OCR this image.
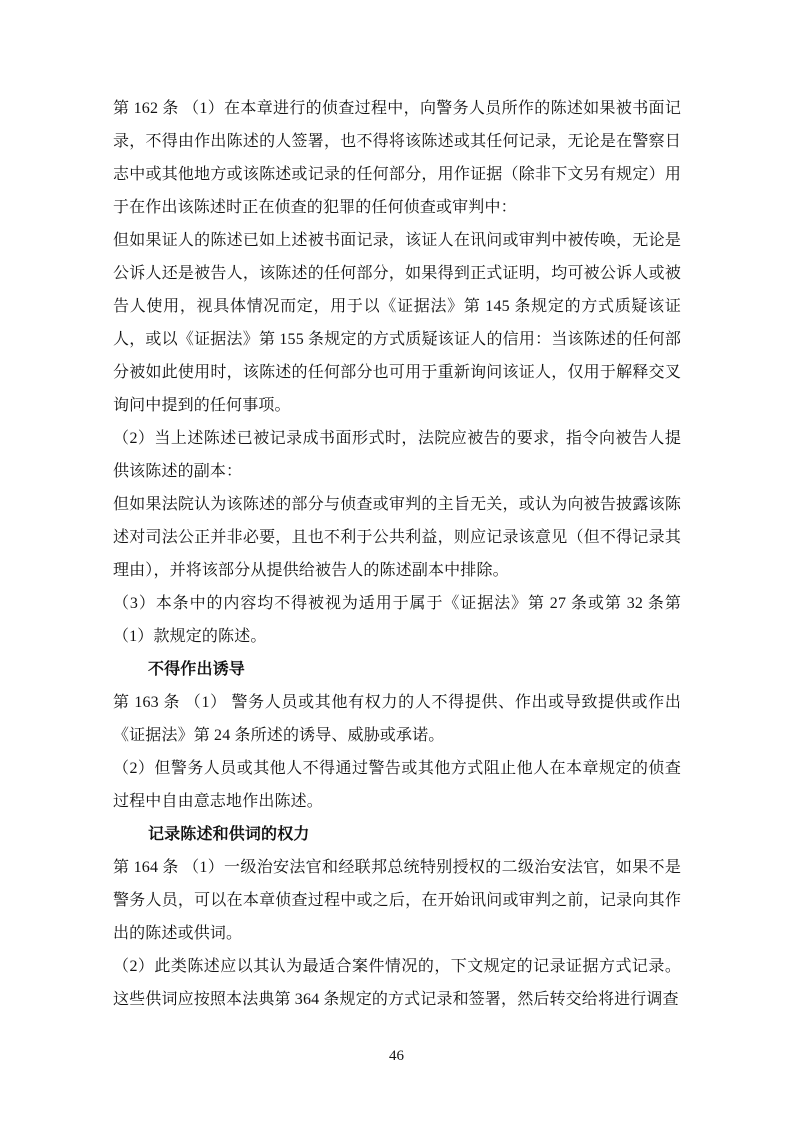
第 162 条 （1）在本章进行的侦查过程中，向警务人员所作的陈述如果被书面记录，不得由作出陈述的人签署，也不得将该陈述或其任何记录，无论是在警察日志中或其他地方或该陈述或记录的任何部分，用作证据（除非下文另有规定）用于在作出该陈述时正在侦查的犯罪的任何侦查或审判中：

但如果证人的陈述已如上述被书面记录，该证人在讯问或审判中被传唤，无论是公诉人还是被告人，该陈述的任何部分，如果得到正式证明，均可被公诉人或被告人使用，视具体情况而定，用于以《证据法》第 145 条规定的方式质疑该证人，或以《证据法》第 155 条规定的方式质疑该证人的信用：当该陈述的任何部分被如此使用时，该陈述的任何部分也可用于重新询问该证人，仅用于解释交叉询问中提到的任何事项。

（2）当上述陈述已被记录成书面形式时，法院应被告的要求，指令向被告人提供该陈述的副本：

但如果法院认为该陈述的部分与侦查或审判的主旨无关，或认为向被告披露该陈述对司法公正并非必要，且也不利于公共利益，则应记录该意见（但不得记录其理由），并将该部分从提供给被告人的陈述副本中排除。

（3）本条中的内容均不得被视为适用于属于《证据法》第 27 条或第 32 条第（1）款规定的陈述。

不得作出诱导

第 163 条 （1） 警务人员或其他有权力的人不得提供、作出或导致提供或作出《证据法》第 24 条所述的诱导、威胁或承诺。

（2）但警务人员或其他人不得通过警告或其他方式阻止他人在本章规定的侦查过程中自由意志地作出陈述。

记录陈述和供词的权力

第 164 条 （1）一级治安法官和经联邦总统特别授权的二级治安法官，如果不是警务人员，可以在本章侦查过程中或之后，在开始讯问或审判之前，记录向其作出的陈述或供词。

（2）此类陈述应以其认为最适合案件情况的，下文规定的记录证据方式记录。这些供词应按照本法典第 364 条规定的方式记录和签署，然后转交给将进行调查

46
